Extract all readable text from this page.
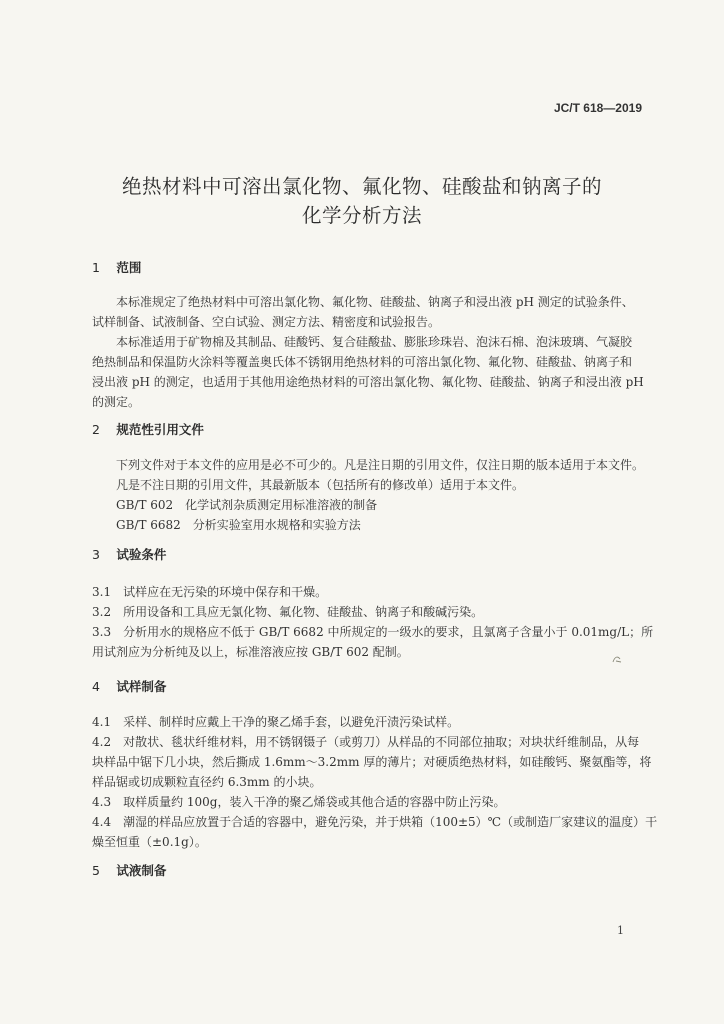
JC/T 618—2019
绝热材料中可溶出氯化物、氟化物、硅酸盐和钠离子的
化学分析方法
1 范围
本标准规定了绝热材料中可溶出氯化物、氟化物、硅酸盐、钠离子和浸出液 pH 测定的试验条件、
试样制备、试液制备、空白试验、测定方法、精密度和试验报告。
本标准适用于矿物棉及其制品、硅酸钙、复合硅酸盐、膨胀珍珠岩、泡沫石棉、泡沫玻璃、气凝胶
绝热制品和保温防火涂料等覆盖奥氏体不锈钢用绝热材料的可溶出氯化物、氟化物、硅酸盐、钠离子和
浸出液 pH 的测定，也适用于其他用途绝热材料的可溶出氯化物、氟化物、硅酸盐、钠离子和浸出液 pH
的测定。
2 规范性引用文件
下列文件对于本文件的应用是必不可少的。凡是注日期的引用文件，仅注日期的版本适用于本文件。
凡是不注日期的引用文件，其最新版本（包括所有的修改单）适用于本文件。
GB/T 602　化学试剂杂质测定用标准溶液的制备
GB/T 6682　分析实验室用水规格和实验方法
3 试验条件
3.1　试样应在无污染的环境中保存和干燥。
3.2　所用设备和工具应无氯化物、氟化物、硅酸盐、钠离子和酸碱污染。
3.3　分析用水的规格应不低于 GB/T 6682 中所规定的一级水的要求，且氯离子含量小于 0.01mg/L；所
用试剂应为分析纯及以上，标准溶液应按 GB/T 602 配制。
4 试样制备
4.1　采样、制样时应戴上干净的聚乙烯手套，以避免汗渍污染试样。
4.2　对散状、毯状纤维材料，用不锈钢镊子（或剪刀）从样品的不同部位抽取；对块状纤维制品，从每
块样品中锯下几小块，然后撕成 1.6mm～3.2mm 厚的薄片；对硬质绝热材料，如硅酸钙、聚氨酯等，将
样品锯或切成颗粒直径约 6.3mm 的小块。
4.3　取样质量约 100g，装入干净的聚乙烯袋或其他合适的容器中防止污染。
4.4　潮湿的样品应放置于合适的容器中，避免污染，并于烘箱（100±5）℃（或制造厂家建议的温度）干
燥至恒重（±0.1g）。
5 试液制备
1
